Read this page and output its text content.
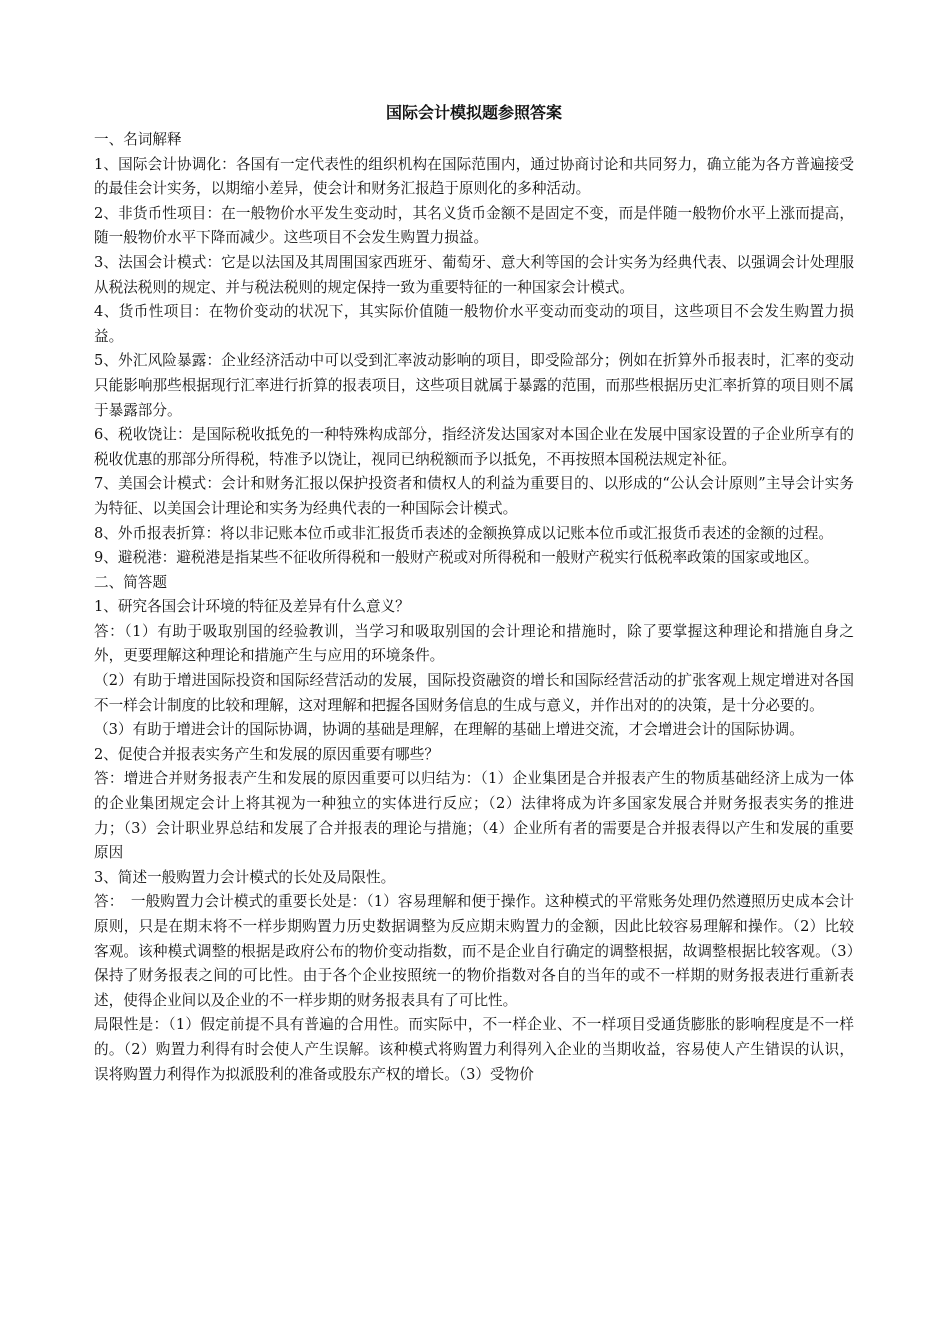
国际会计模拟题参照答案

一、名词解释

1、国际会计协调化：各国有一定代表性的组织机构在国际范围内，通过协商讨论和共同努力，确立能为各方普遍接受的最佳会计实务，以期缩小差异，使会计和财务汇报趋于原则化的多种活动。

2、非货币性项目：在一般物价水平发生变动时，其名义货币金额不是固定不变，而是伴随一般物价水平上涨而提高，随一般物价水平下降而减少。这些项目不会发生购置力损益。

3、法国会计模式：它是以法国及其周围国家西班牙、葡萄牙、意大利等国的会计实务为经典代表、以强调会计处理服从税法税则的规定、并与税法税则的规定保持一致为重要特征的一种国家会计模式。

4、货币性项目：在物价变动的状况下，其实际价值随一般物价水平变动而变动的项目，这些项目不会发生购置力损益。

5、外汇风险暴露：企业经济活动中可以受到汇率波动影响的项目，即受险部分；例如在折算外币报表时，汇率的变动只能影响那些根据现行汇率进行折算的报表项目，这些项目就属于暴露的范围，而那些根据历史汇率折算的项目则不属于暴露部分。

6、税收饶让：是国际税收抵免的一种特殊构成部分，指经济发达国家对本国企业在发展中国家设置的子企业所享有的税收优惠的那部分所得税，特准予以饶让，视同已纳税额而予以抵免，不再按照本国税法规定补征。

7、美国会计模式：会计和财务汇报以保护投资者和债权人的利益为重要目的、以形成的“公认会计原则”主导会计实务为特征、以美国会计理论和实务为经典代表的一种国际会计模式。

8、外币报表折算：将以非记账本位币或非汇报货币表述的金额换算成以记账本位币或汇报货币表述的金额的过程。

9、避税港：避税港是指某些不征收所得税和一般财产税或对所得税和一般财产税实行低税率政策的国家或地区。

二、简答题

1、研究各国会计环境的特征及差异有什么意义？

答：（1）有助于吸取别国的经验教训，当学习和吸取别国的会计理论和措施时，除了要掌握这种理论和措施自身之外，更要理解这种理论和措施产生与应用的环境条件。

（2）有助于增进国际投资和国际经营活动的发展，国际投资融资的增长和国际经营活动的扩张客观上规定增进对各国不一样会计制度的比较和理解，这对理解和把握各国财务信息的生成与意义，并作出对的的决策，是十分必要的。

（3）有助于增进会计的国际协调，协调的基础是理解，在理解的基础上增进交流，才会增进会计的国际协调。

2、促使合并报表实务产生和发展的原因重要有哪些？

答：增进合并财务报表产生和发展的原因重要可以归结为：（1）企业集团是合并报表产生的物质基础经济上成为一体的企业集团规定会计上将其视为一种独立的实体进行反应；（2）法律将成为许多国家发展合并财务报表实务的推进力；（3）会计职业界总结和发展了合并报表的理论与措施；（4）企业所有者的需要是合并报表得以产生和发展的重要原因

3、简述一般购置力会计模式的长处及局限性。

答：　一般购置力会计模式的重要长处是：（1）容易理解和便于操作。这种模式的平常账务处理仍然遵照历史成本会计原则，只是在期末将不一样步期购置力历史数据调整为反应期末购置力的金额，因此比较容易理解和操作。（2）比较客观。该种模式调整的根据是政府公布的物价变动指数，而不是企业自行确定的调整根据，故调整根据比较客观。（3）保持了财务报表之间的可比性。由于各个企业按照统一的物价指数对各自的当年的或不一样期的财务报表进行重新表述，使得企业间以及企业的不一样步期的财务报表具有了可比性。

局限性是：（1）假定前提不具有普遍的合用性。而实际中，不一样企业、不一样项目受通货膨胀的影响程度是不一样的。（2）购置力利得有时会使人产生误解。该种模式将购置力利得列入企业的当期收益，容易使人产生错误的认识，误将购置力利得作为拟派股利的准备或股东产权的增长。（3）受物价
